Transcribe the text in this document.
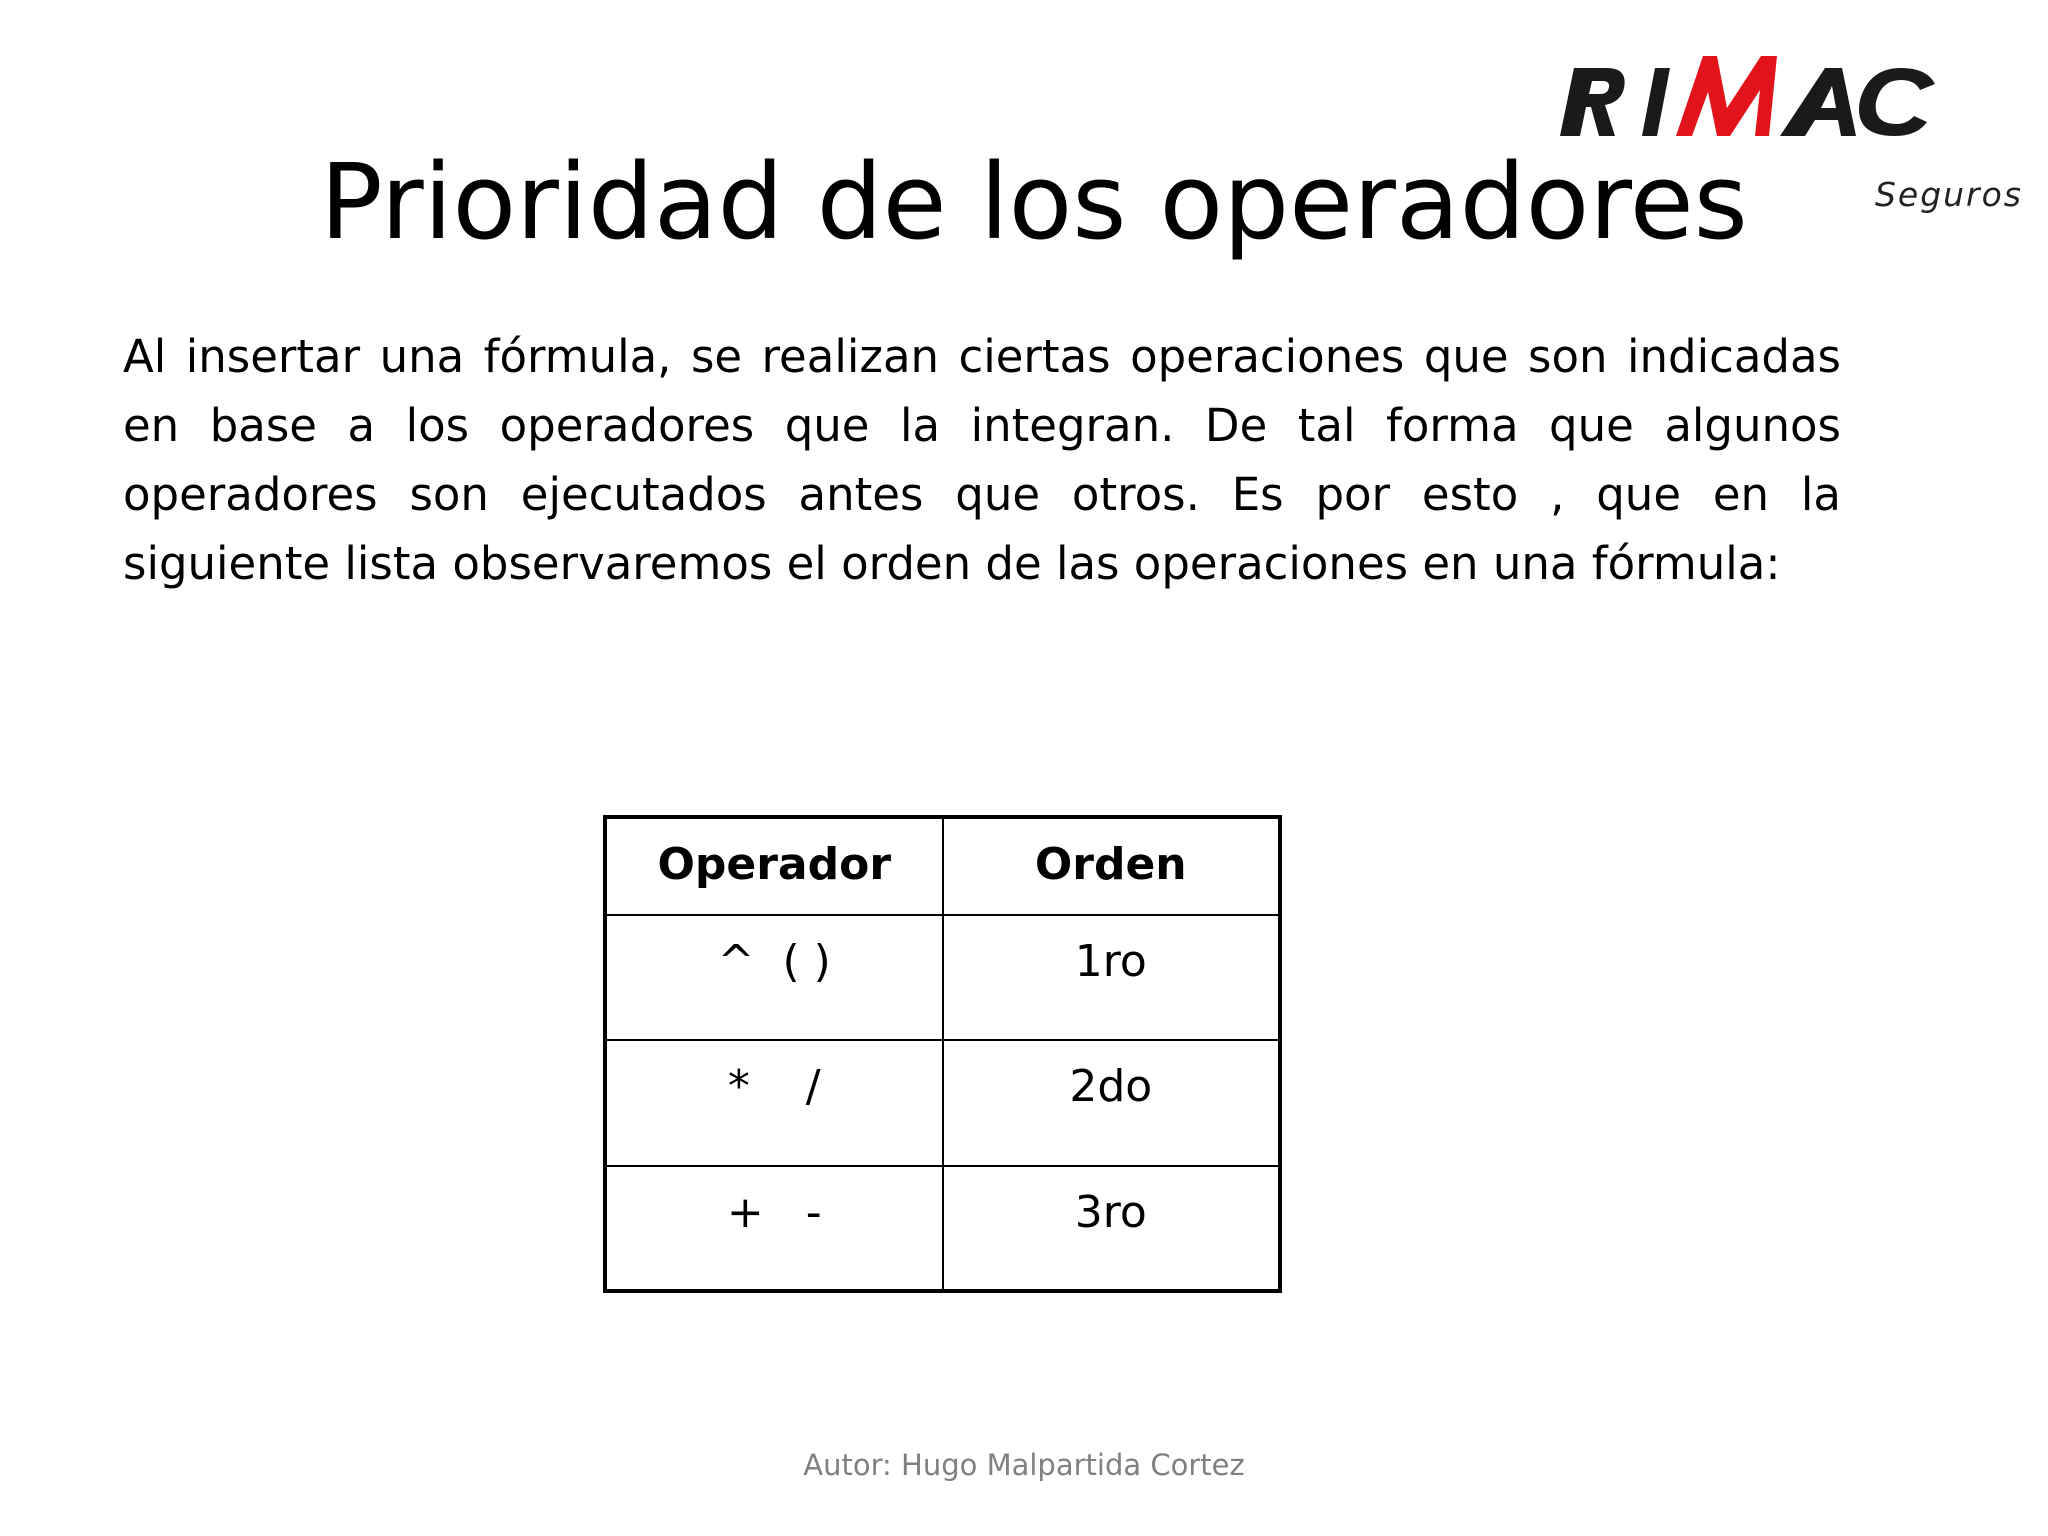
Seguros
Prioridad de los operadores

Al insertar una fórmula, se realizan ciertas operaciones que son indicadas en base a los operadores que la integran. De tal forma que algunos operadores son ejecutados antes que otros. Es por esto , que en la siguiente lista observaremos el orden de las operaciones en una fórmula:

Operador	Orden
^  ( )	1ro
*    /	2do
+   -	3ro
Autor: Hugo Malpartida Cortez
